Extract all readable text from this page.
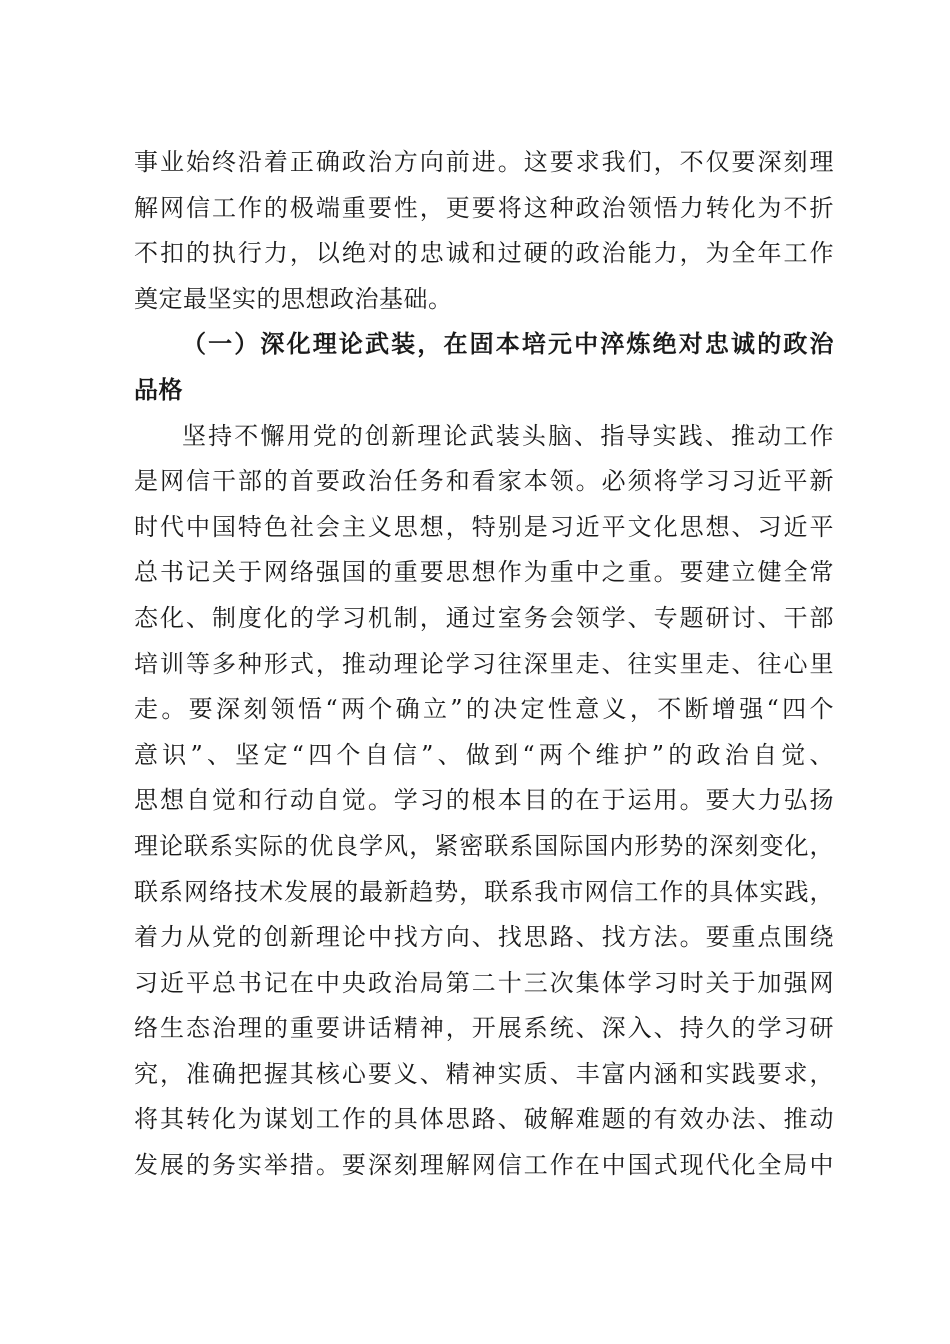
事业始终沿着正确政治方向前进。这要求我们，不仅要深刻理
解网信工作的极端重要性，更要将这种政治领悟力转化为不折
不扣的执行力，以绝对的忠诚和过硬的政治能力，为全年工作
奠定最坚实的思想政治基础。
（一）深化理论武装，在固本培元中淬炼绝对忠诚的政治
品格
坚持不懈用党的创新理论武装头脑、指导实践、推动工作
是网信干部的首要政治任务和看家本领。必须将学习习近平新
时代中国特色社会主义思想，特别是习近平文化思想、习近平
总书记关于网络强国的重要思想作为重中之重。要建立健全常
态化、制度化的学习机制，通过室务会领学、专题研讨、干部
培训等多种形式，推动理论学习往深里走、往实里走、往心里
走。要深刻领悟“两个确立”的决定性意义，不断增强“四个
意识”、坚定“四个自信”、做到“两个维护”的政治自觉、
思想自觉和行动自觉。学习的根本目的在于运用。要大力弘扬
理论联系实际的优良学风，紧密联系国际国内形势的深刻变化，
联系网络技术发展的最新趋势，联系我市网信工作的具体实践，
着力从党的创新理论中找方向、找思路、找方法。要重点围绕
习近平总书记在中央政治局第二十三次集体学习时关于加强网
络生态治理的重要讲话精神，开展系统、深入、持久的学习研
究，准确把握其核心要义、精神实质、丰富内涵和实践要求，
将其转化为谋划工作的具体思路、破解难题的有效办法、推动
发展的务实举措。要深刻理解网信工作在中国式现代化全局中
